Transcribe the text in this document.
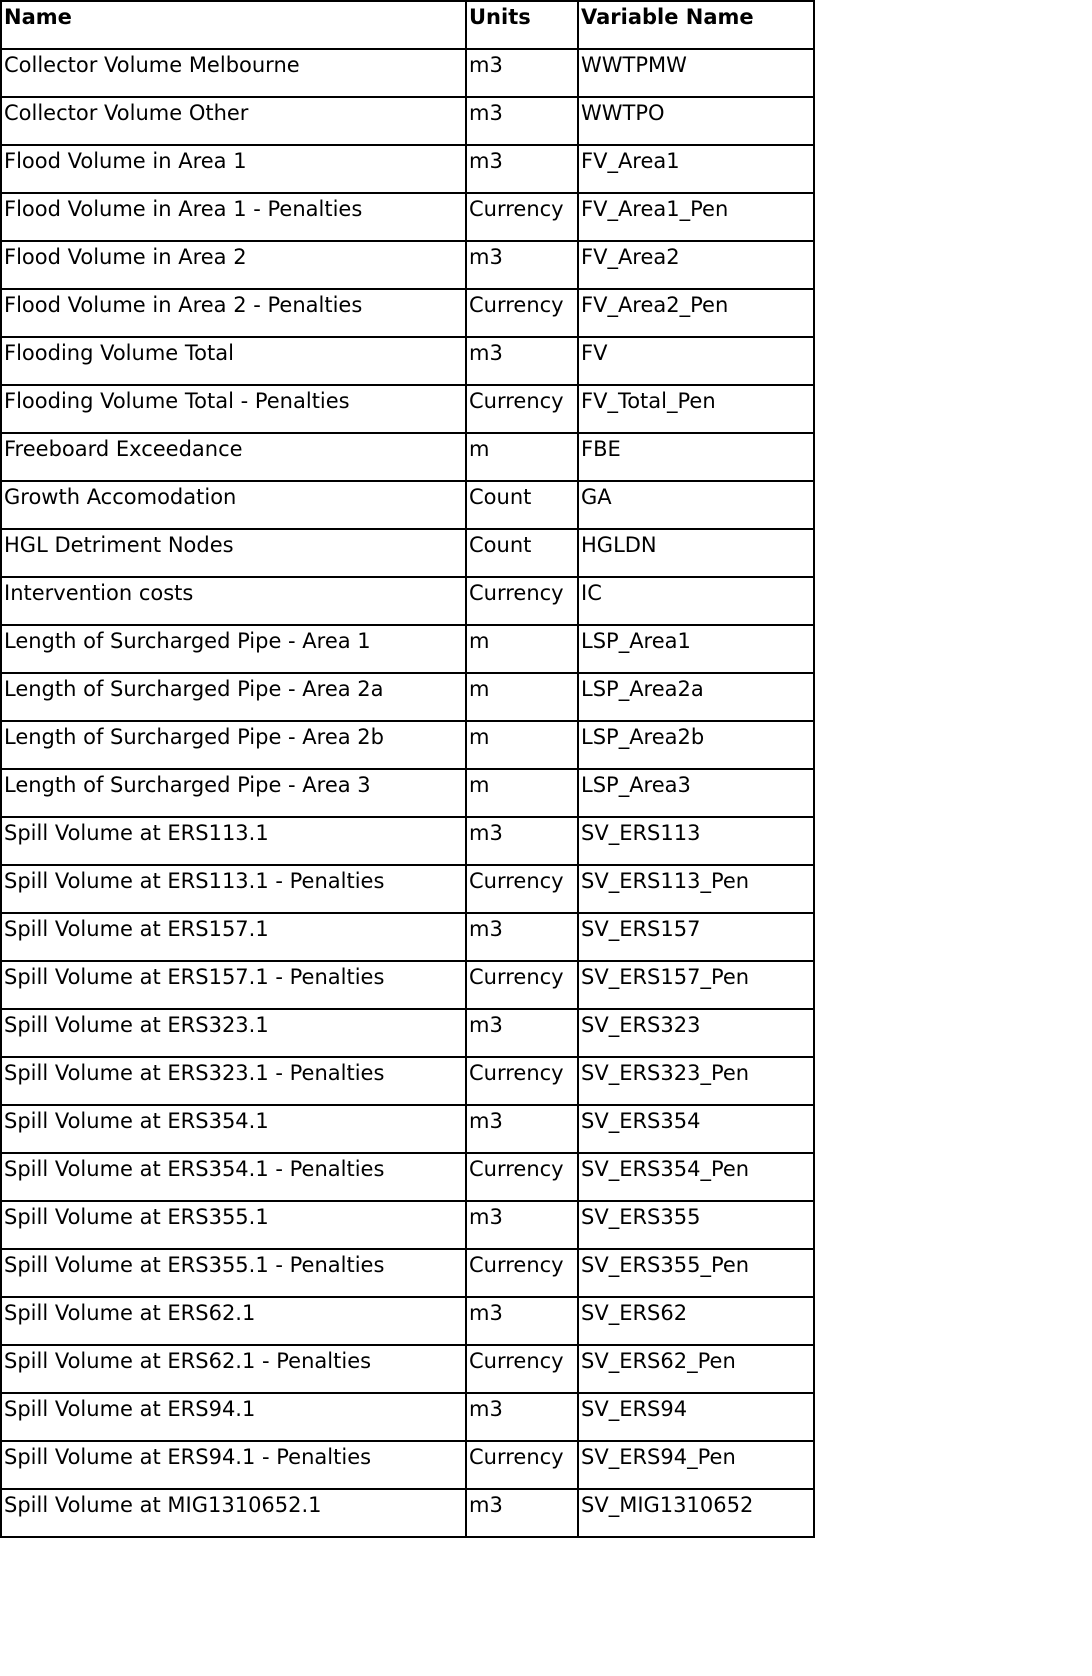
Name	Units	Variable Name
Collector Volume Melbourne	m3	WWTPMW
Collector Volume Other	m3	WWTPO
Flood Volume in Area 1	m3	FV_Area1
Flood Volume in Area 1 - Penalties	Currency	FV_Area1_Pen
Flood Volume in Area 2	m3	FV_Area2
Flood Volume in Area 2 - Penalties	Currency	FV_Area2_Pen
Flooding Volume Total	m3	FV
Flooding Volume Total - Penalties	Currency	FV_Total_Pen
Freeboard Exceedance	m	FBE
Growth Accomodation	Count	GA
HGL Detriment Nodes	Count	HGLDN
Intervention costs	Currency	IC
Length of Surcharged Pipe - Area 1	m	LSP_Area1
Length of Surcharged Pipe - Area 2a	m	LSP_Area2a
Length of Surcharged Pipe - Area 2b	m	LSP_Area2b
Length of Surcharged Pipe - Area 3	m	LSP_Area3
Spill Volume at ERS113.1	m3	SV_ERS113
Spill Volume at ERS113.1 - Penalties	Currency	SV_ERS113_Pen
Spill Volume at ERS157.1	m3	SV_ERS157
Spill Volume at ERS157.1 - Penalties	Currency	SV_ERS157_Pen
Spill Volume at ERS323.1	m3	SV_ERS323
Spill Volume at ERS323.1 - Penalties	Currency	SV_ERS323_Pen
Spill Volume at ERS354.1	m3	SV_ERS354
Spill Volume at ERS354.1 - Penalties	Currency	SV_ERS354_Pen
Spill Volume at ERS355.1	m3	SV_ERS355
Spill Volume at ERS355.1 - Penalties	Currency	SV_ERS355_Pen
Spill Volume at ERS62.1	m3	SV_ERS62
Spill Volume at ERS62.1 - Penalties	Currency	SV_ERS62_Pen
Spill Volume at ERS94.1	m3	SV_ERS94
Spill Volume at ERS94.1 - Penalties	Currency	SV_ERS94_Pen
Spill Volume at MIG1310652.1	m3	SV_MIG1310652
